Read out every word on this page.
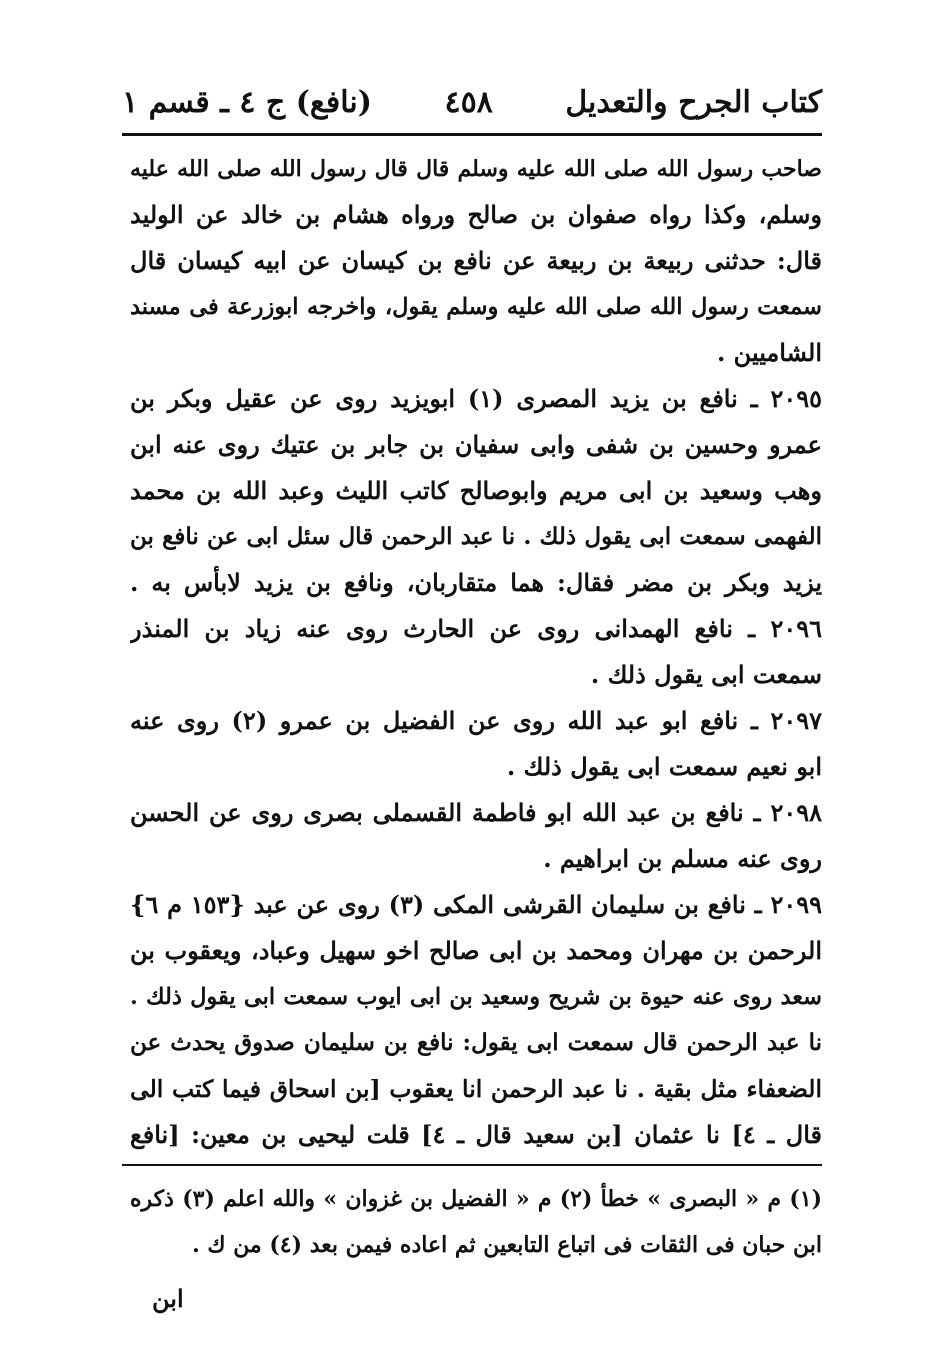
كتاب الجرح والتعديل
٤٥٨
(نافع) ج ٤ ـ قسم ١
صاحب رسول الله صلى الله عليه وسلم قال قال رسول الله صلى الله عليه
وسلم، وكذا رواه صفوان بن صالح ورواه هشام بن خالد عن الوليد
قال: حدثنى ربيعة بن ربيعة عن نافع بن كيسان عن ابيه كيسان قال
سمعت رسول الله صلى الله عليه وسلم يقول، واخرجه ابوزرعة فى مسند
الشاميين .
٢٠٩٥ ـ نافع بن يزيد المصرى (١) ابويزيد روى عن عقيل وبكر بن
عمرو وحسين بن شفى وابى سفيان بن جابر بن عتيك روى عنه ابن
وهب وسعيد بن ابى مريم وابوصالح كاتب الليث وعبد الله بن محمد
الفهمى سمعت ابى يقول ذلك . نا عبد الرحمن قال سئل ابى عن نافع بن
يزيد وبكر بن مضر فقال: هما متقاربان، ونافع بن يزيد لابأس به .
٢٠٩٦ ـ نافع الهمدانى روى عن الحارث روى عنه زياد بن المنذر
سمعت ابى يقول ذلك .
٢٠٩٧ ـ نافع ابو عبد الله روى عن الفضيل بن عمرو (٢) روى عنه
ابو نعيم سمعت ابى يقول ذلك .
٢٠٩٨ ـ نافع بن عبد الله ابو فاطمة القسملى بصرى روى عن الحسن
روى عنه مسلم بن ابراهيم .
٢٠٩٩ ـ نافع بن سليمان القرشى المكى (٣) روى عن عبد {١٥٣ م ٦}
الرحمن بن مهران ومحمد بن ابى صالح اخو سهيل وعباد، ويعقوب بن
سعد روى عنه حيوة بن شريح وسعيد بن ابى ايوب سمعت ابى يقول ذلك .
نا عبد الرحمن قال سمعت ابى يقول: نافع بن سليمان صدوق يحدث عن
الضعفاء مثل بقية . نا عبد الرحمن انا يعقوب [بن اسحاق فيما كتب الى
قال ـ ٤] نا عثمان [بن سعيد قال ـ ٤] قلت ليحيى بن معين: [نافع
(١) م « البصرى » خطأ (٢) م « الفضيل بن غزوان » والله اعلم (٣) ذكره
ابن حبان فى الثقات فى اتباع التابعين ثم اعاده فيمن بعد (٤) من ك .
ابن
